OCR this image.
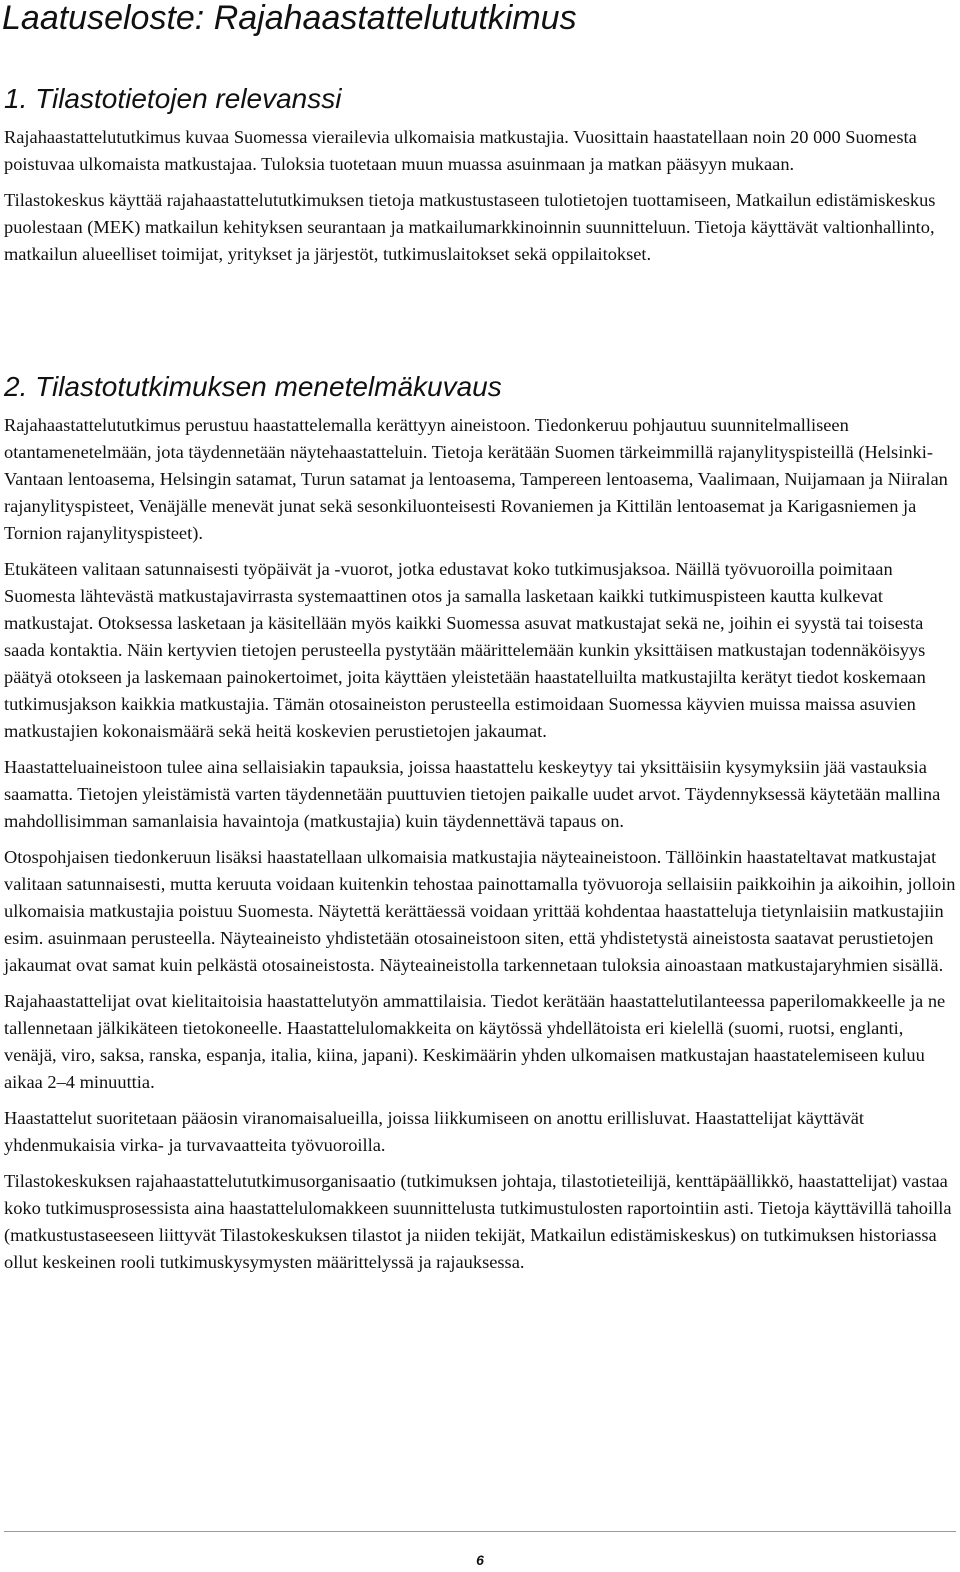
Laatuseloste: Rajahaastattelututkimus
1. Tilastotietojen relevanssi

Rajahaastattelututkimus kuvaa Suomessa vierailevia ulkomaisia matkustajia. Vuosittain haastatellaan noin 20 000 Suomesta poistuvaa ulkomaista matkustajaa. Tuloksia tuotetaan muun muassa asuinmaan ja matkan pääsyyn mukaan.

Tilastokeskus käyttää rajahaastattelututkimuksen tietoja matkustustaseen tulotietojen tuottamiseen, Matkailun edistämiskeskus puolestaan (MEK) matkailun kehityksen seurantaan ja matkailumarkkinoinnin suunnitteluun. Tietoja käyttävät valtionhallinto, matkailun alueelliset toimijat, yritykset ja järjestöt, tutkimuslaitokset sekä oppilaitokset.

2. Tilastotutkimuksen menetelmäkuvaus

Rajahaastattelututkimus perustuu haastattelemalla kerättyyn aineistoon. Tiedonkeruu pohjautuu suunnitelmalliseen otantamenetelmään, jota täydennetään näytehaastatteluin. Tietoja kerätään Suomen tärkeimmillä rajanylityspisteillä (Helsinki-Vantaan lentoasema, Helsingin satamat, Turun satamat ja lentoasema, Tampereen lentoasema, Vaalimaan, Nuijamaan ja Niiralan rajanylityspisteet, Venäjälle menevät junat sekä sesonkiluonteisesti Rovaniemen ja Kittilän lentoasemat ja Karigasniemen ja Tornion rajanylityspisteet).

Etukäteen valitaan satunnaisesti työpäivät ja -vuorot, jotka edustavat koko tutkimusjaksoa. Näillä työvuoroilla poimitaan Suomesta lähtevästä matkustajavirrasta systemaattinen otos ja samalla lasketaan kaikki tutkimuspisteen kautta kulkevat matkustajat. Otoksessa lasketaan ja käsitellään myös kaikki Suomessa asuvat matkustajat sekä ne, joihin ei syystä tai toisesta saada kontaktia. Näin kertyvien tietojen perusteella pystytään määrittelemään kunkin yksittäisen matkustajan todennäköisyys päätyä otokseen ja laskemaan painokertoimet, joita käyttäen yleistetään haastatelluilta matkustajilta kerätyt tiedot koskemaan tutkimusjakson kaikkia matkustajia. Tämän otosaineiston perusteella estimoidaan Suomessa käyvien muissa maissa asuvien matkustajien kokonaismäärä sekä heitä koskevien perustietojen jakaumat.

Haastatteluaineistoon tulee aina sellaisiakin tapauksia, joissa haastattelu keskeytyy tai yksittäisiin kysymyksiin jää vastauksia saamatta. Tietojen yleistämistä varten täydennetään puuttuvien tietojen paikalle uudet arvot. Täydennyksessä käytetään mallina mahdollisimman samanlaisia havaintoja (matkustajia) kuin täydennettävä tapaus on.

Otospohjaisen tiedonkeruun lisäksi haastatellaan ulkomaisia matkustajia näyteaineistoon. Tällöinkin haastateltavat matkustajat valitaan satunnaisesti, mutta keruuta voidaan kuitenkin tehostaa painottamalla työvuoroja sellaisiin paikkoihin ja aikoihin, jolloin ulkomaisia matkustajia poistuu Suomesta. Näytettä kerättäessä voidaan yrittää kohdentaa haastatteluja tietynlaisiin matkustajiin esim. asuinmaan perusteella. Näyteaineisto yhdistetään otosaineistoon siten, että yhdistetystä aineistosta saatavat perustietojen jakaumat ovat samat kuin pelkästä otosaineistosta. Näyteaineistolla tarkennetaan tuloksia ainoastaan matkustajaryhmien sisällä.

Rajahaastattelijat ovat kielitaitoisia haastattelutyön ammattilaisia. Tiedot kerätään haastattelutilanteessa paperilomakkeelle ja ne tallennetaan jälkikäteen tietokoneelle. Haastattelulomakkeita on käytössä yhdellätoista eri kielellä (suomi, ruotsi, englanti, venäjä, viro, saksa, ranska, espanja, italia, kiina, japani). Keskimäärin yhden ulkomaisen matkustajan haastatelemiseen kuluu aikaa 2–4 minuuttia.

Haastattelut suoritetaan pääosin viranomaisalueilla, joissa liikkumiseen on anottu erillisluvat. Haastattelijat käyttävät yhdenmukaisia virka- ja turvavaatteita työvuoroilla.

Tilastokeskuksen rajahaastattelututkimusorganisaatio (tutkimuksen johtaja, tilastotieteilijä, kenttäpäällikkö, haastattelijat) vastaa koko tutkimusprosessista aina haastattelulomakkeen suunnittelusta tutkimustulosten raportointiin asti. Tietoja käyttävillä tahoilla (matkustustaseeseen liittyvät Tilastokeskuksen tilastot ja niiden tekijät, Matkailun edistämiskeskus) on tutkimuksen historiassa ollut keskeinen rooli tutkimuskysymysten määrittelyssä ja rajauksessa.

6
